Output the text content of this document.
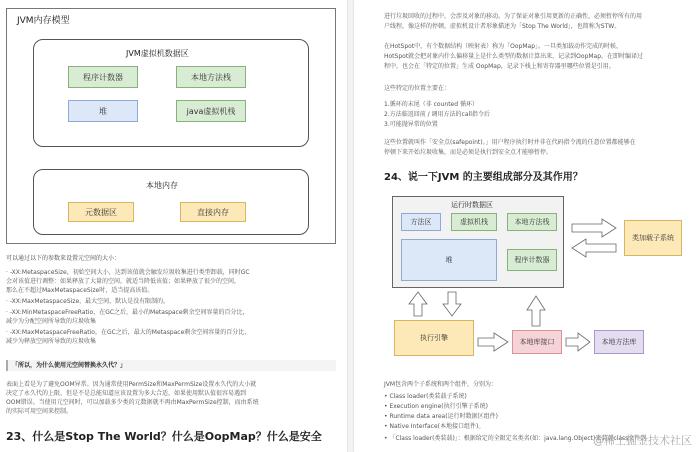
JVM内存模型
JVM虚拟机数据区
程序计数器	本地方法栈
堆	java虚拟机栈
本地内存
元数据区	直接内存
可以通过以下的参数来设置元空间的大小：
· -XX:MetaspaceSize，初始空间大小，达到该值就会触发垃圾收集进行类型卸载，同时GC
会对该值进行调整：如果释放了大量的空间，就适当降低该值；如果释放了很少的空间，
那么在不超过MaxMetaspaceSize时，适当提高该值。
· -XX:MaxMetaspaceSize，最大空间，默认是没有限制的。
· -XX:MinMetaspaceFreeRatio，在GC之后，最小的Metaspace剩余空间容量的百分比，
减少为分配空间所导致的垃圾收集
· -XX:MaxMetaspaceFreeRatio，在GC之后，最大的Metaspace剩余空间容量的百分比，
减少为释放空间所导致的垃圾收集
「所以，为什么使用元空间替换永久代？」
表面上看是为了避免OOM异常。因为通常使用PermSize和MaxPermSize设置永久代的大小就
决定了永久代的上限，但是不是总能知道应该设置为多大合适，如果使用默认值很容易遇到
OOM错误。当使用元空间时，可以加载多少类的元数据就不再由MaxPermSize控制，而由系统
的实际可用空间来控制。
23、什么是Stop The World？什么是OopMap？什么是安全
进行垃圾回收的过程中，会涉及对象的移动。为了保证对象引用更新的正确性，必须暂停所有的用
户线程，像这样的停顿，虚拟机设计者形象描述为「Stop The World」，也简称为STW。
在HotSpot中，有个数据结构（映射表）称为「OopMap」。一旦类加载动作完成的时候，
HotSpot就会把对象内什么偏移量上是什么类型的数据计算出来，记录到OopMap。在即时编译过
程中，也会在「特定的位置」生成 OopMap，记录下栈上和寄存器里哪些位置是引用。
这些特定的位置主要在：
1.循环的末尾（非 counted 循环）
2.方法临返回前 / 调用方法的call指令后
3.可能抛异常的位置
这些位置就叫作「安全点(safepoint)。」用户程序执行时并非在代码指令流的任意位置都能够在
停顿下来开始垃圾收集，而是必须是执行到安全点才能够暂停。
24、说一下JVM 的主要组成部分及其作用？
运行时数据区
方法区	虚拟机栈	本地方法栈
堆	程序计数器
类加载子系统
执行引擎	本地库接口	本地方法库
JVM包含两个子系统和两个组件，分别为：
• Class loader(类装载子系统)
• Execution engine(执行引擎子系统)
• Runtime data area(运行时数据区组件)
• Native Interface(本地接口组件)。
• 「Class loader(类装载)」：根据给定的全限定名类名(如：java.lang.Object)来装载class文件到
@稀土掘金技术社区
